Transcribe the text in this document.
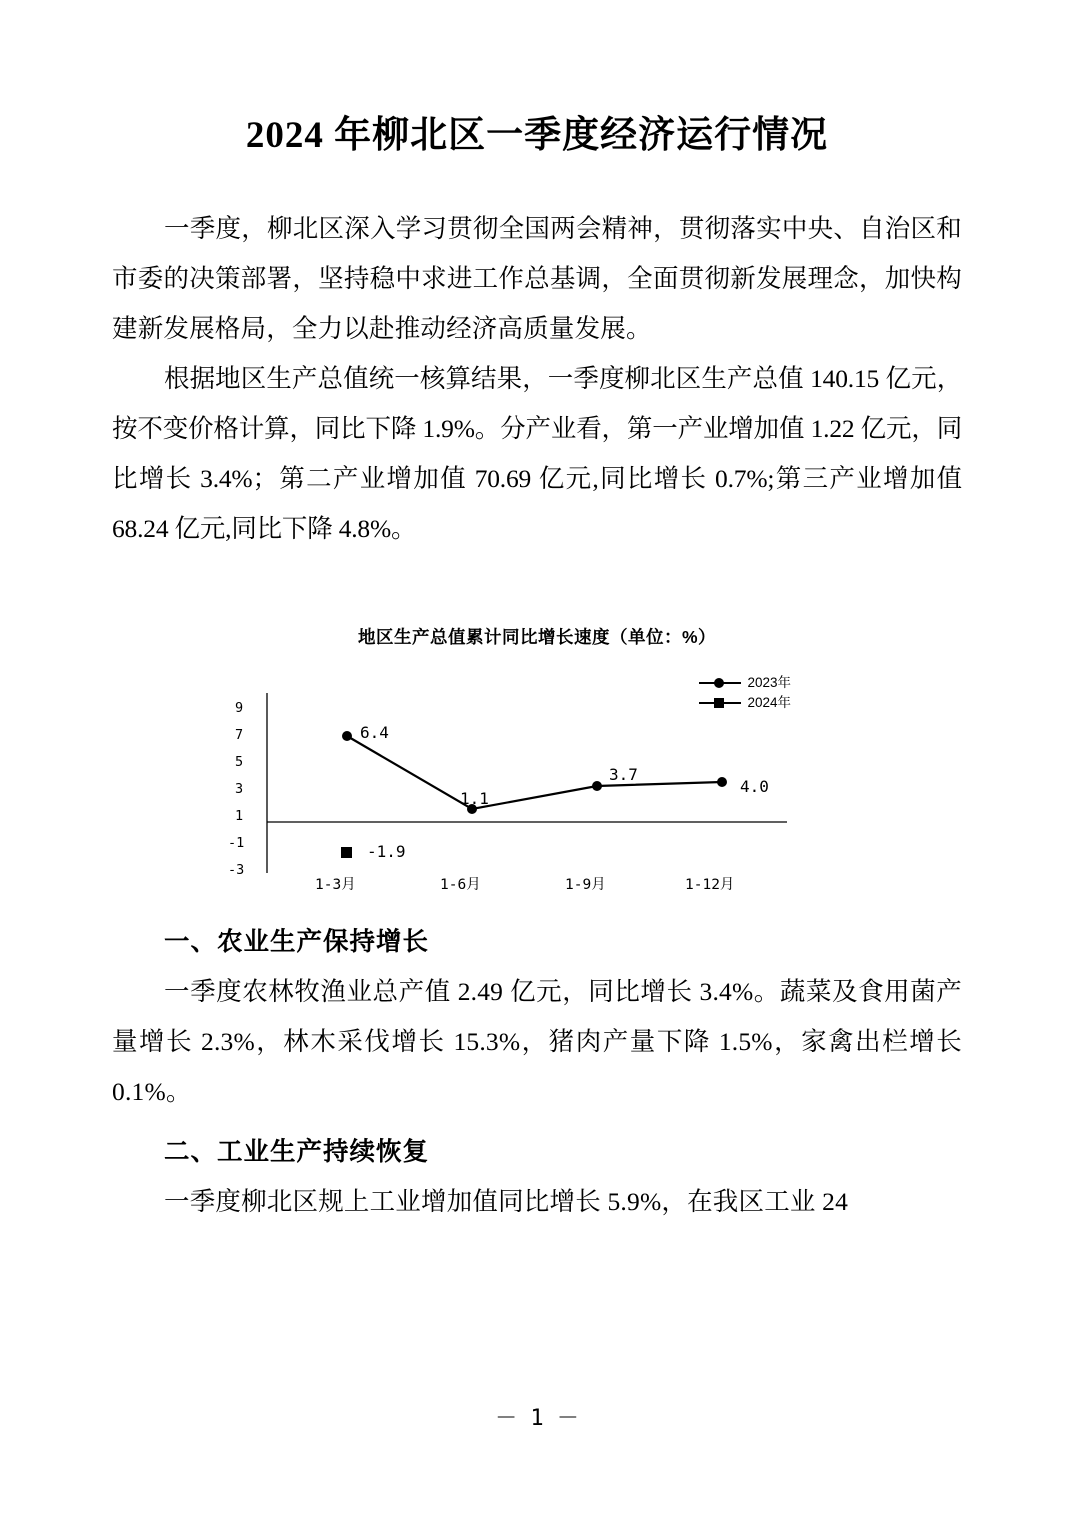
2024 年柳北区一季度经济运行情况

一季度，柳北区深入学习贯彻全国两会精神，贯彻落实中央、自治区和市委的决策部署，坚持稳中求进工作总基调，全面贯彻新发展理念，加快构建新发展格局，全力以赴推动经济高质量发展。

根据地区生产总值统一核算结果，一季度柳北区生产总值 140.15 亿元，按不变价格计算，同比下降 1.9%。分产业看，第一产业增加值 1.22 亿元，同比增长 3.4%；第二产业增加值 70.69 亿元,同比增长 0.7%;第三产业增加值 68.24 亿元,同比下降 4.8%。

地区生产总值累计同比增长速度（单位：%）
2023年
2024年
9
7
5
3
1
-1
-3
6.4
1.1
3.7
4.0
-1.9
1-3月	1-6月	1-9月	1-12月
一、农业生产保持增长

一季度农林牧渔业总产值 2.49 亿元，同比增长 3.4%。蔬菜及食用菌产量增长 2.3%，林木采伐增长 15.3%，猪肉产量下降 1.5%，家禽出栏增长 0.1%。

二、工业生产持续恢复

一季度柳北区规上工业增加值同比增长 5.9%，在我区工业 24

－ 1 －
